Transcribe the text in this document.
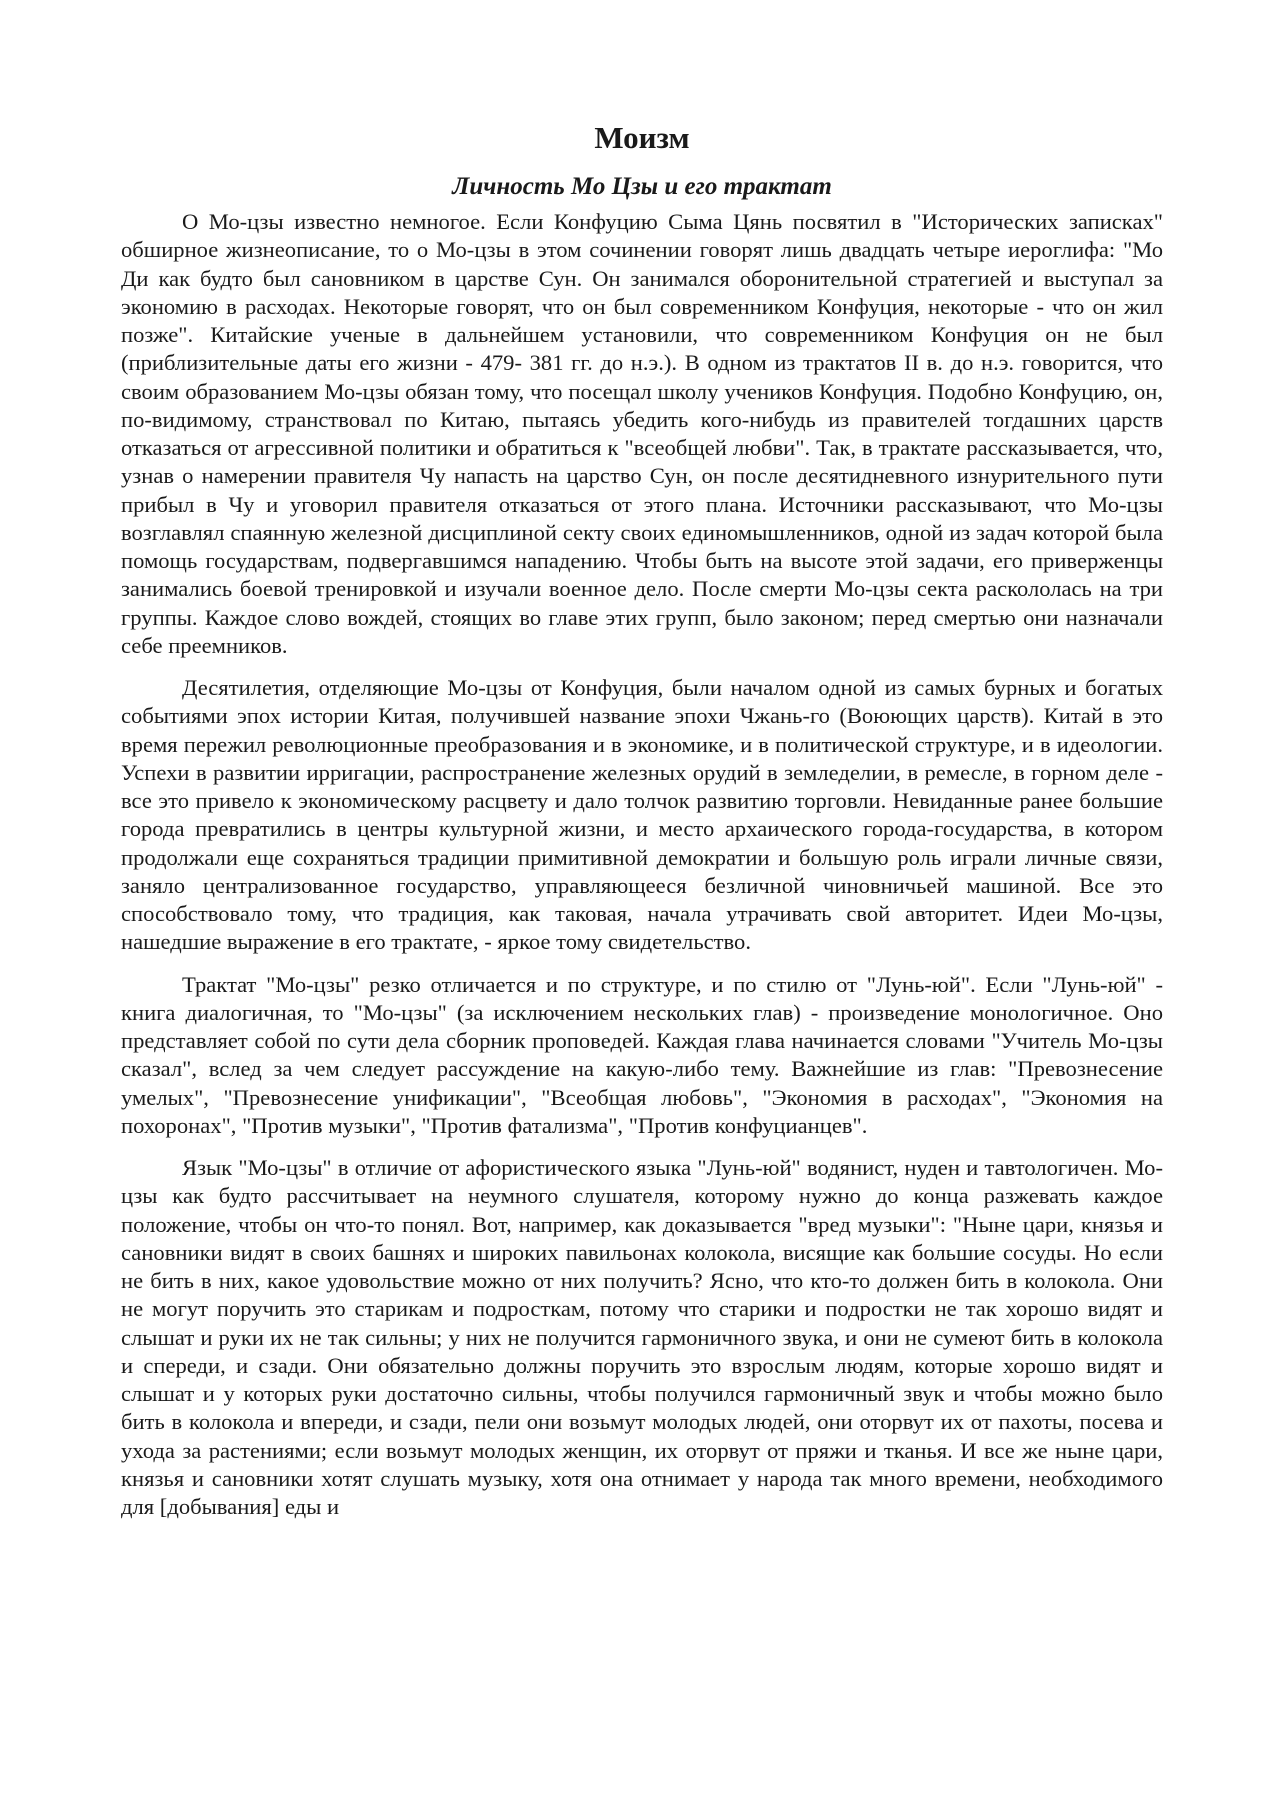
Моизм
Личность Мо Цзы и его трактат

О Мо-цзы известно немногое. Если Конфуцию Сыма Цянь посвятил в "Исторических записках" обширное жизнеописание, то о Мо-цзы в этом сочинении говорят лишь двадцать четыре иероглифа: "Мо Ди как будто был сановником в царстве Сун. Он занимался оборонительной стратегией и выступал за экономию в расходах. Некоторые говорят, что он был современником Конфуция, некоторые - что он жил позже". Китайские ученые в дальнейшем установили, что современником Конфуция он не был (приблизительные даты его жизни - 479- 381 гг. до н.э.). В одном из трактатов II в. до н.э. говорится, что своим образованием Мо-цзы обязан тому, что посещал школу учеников Конфуция. Подобно Конфуцию, он, по-видимому, странствовал по Китаю, пытаясь убедить кого-нибудь из правителей тогдашних царств отказаться от агрессивной политики и обратиться к "всеобщей любви". Так, в трактате рассказывается, что, узнав о намерении правителя Чу напасть на царство Сун, он после десятидневного изнурительного пути прибыл в Чу и уговорил правителя отказаться от этого плана. Источники рассказывают, что Мо-цзы возглавлял спаянную железной дисциплиной секту своих единомышленников, одной из задач которой была помощь государствам, подвергавшимся нападению. Чтобы быть на высоте этой задачи, его приверженцы занимались боевой тренировкой и изучали военное дело. После смерти Мо-цзы секта раскололась на три группы. Каждое слово вождей, стоящих во главе этих групп, было законом; перед смертью они назначали себе преемников.

Десятилетия, отделяющие Мо-цзы от Конфуция, были началом одной из самых бурных и богатых событиями эпох истории Китая, получившей название эпохи Чжань-го (Воюющих царств). Китай в это время пережил революционные преобразования и в экономике, и в политической структуре, и в идеологии. Успехи в развитии ирригации, распространение железных орудий в земледелии, в ремесле, в горном деле - все это привело к экономическому расцвету и дало толчок развитию торговли. Невиданные ранее большие города превратились в центры культурной жизни, и место архаического города-государства, в котором продолжали еще сохраняться традиции примитивной демократии и большую роль играли личные связи, заняло централизованное государство, управляющееся безличной чиновничьей машиной. Все это способствовало тому, что традиция, как таковая, начала утрачивать свой авторитет. Идеи Мо-цзы, нашедшие выражение в его трактате, - яркое тому свидетельство.

Трактат "Мо-цзы" резко отличается и по структуре, и по стилю от "Лунь-юй". Если "Лунь-юй" - книга диалогичная, то "Мо-цзы" (за исключением нескольких глав) - произведение монологичное. Оно представляет собой по сути дела сборник проповедей. Каждая глава начинается словами "Учитель Мо-цзы сказал", вслед за чем следует рассуждение на какую-либо тему. Важнейшие из глав: "Превознесение умелых", "Превознесение унификации", "Всеобщая любовь", "Экономия в расходах", "Экономия на похоронах", "Против музыки", "Против фатализма", "Против конфуцианцев".

Язык "Мо-цзы" в отличие от афористического языка "Лунь-юй" водянист, нуден и тавтологичен. Мо-цзы как будто рассчитывает на неумного слушателя, которому нужно до конца разжевать каждое положение, чтобы он что-то понял. Вот, например, как доказывается "вред музыки": "Ныне цари, князья и сановники видят в своих башнях и широких павильонах колокола, висящие как большие сосуды. Но если не бить в них, какое удовольствие можно от них получить? Ясно, что кто-то должен бить в колокола. Они не могут поручить это старикам и подросткам, потому что старики и подростки не так хорошо видят и слышат и руки их не так сильны; у них не получится гармоничного звука, и они не сумеют бить в колокола и спереди, и сзади. Они обязательно должны поручить это взрослым людям, которые хорошо видят и слышат и у которых руки достаточно сильны, чтобы получился гармоничный звук и чтобы можно было бить в колокола и впереди, и сзади, пели они возьмут молодых людей, они оторвут их от пахоты, посева и ухода за растениями; если возьмут молодых женщин, их оторвут от пряжи и тканья. И все же ныне цари, князья и сановники хотят слушать музыку, хотя она отнимает у народа так много времени, необходимого для [добывания] еды и
